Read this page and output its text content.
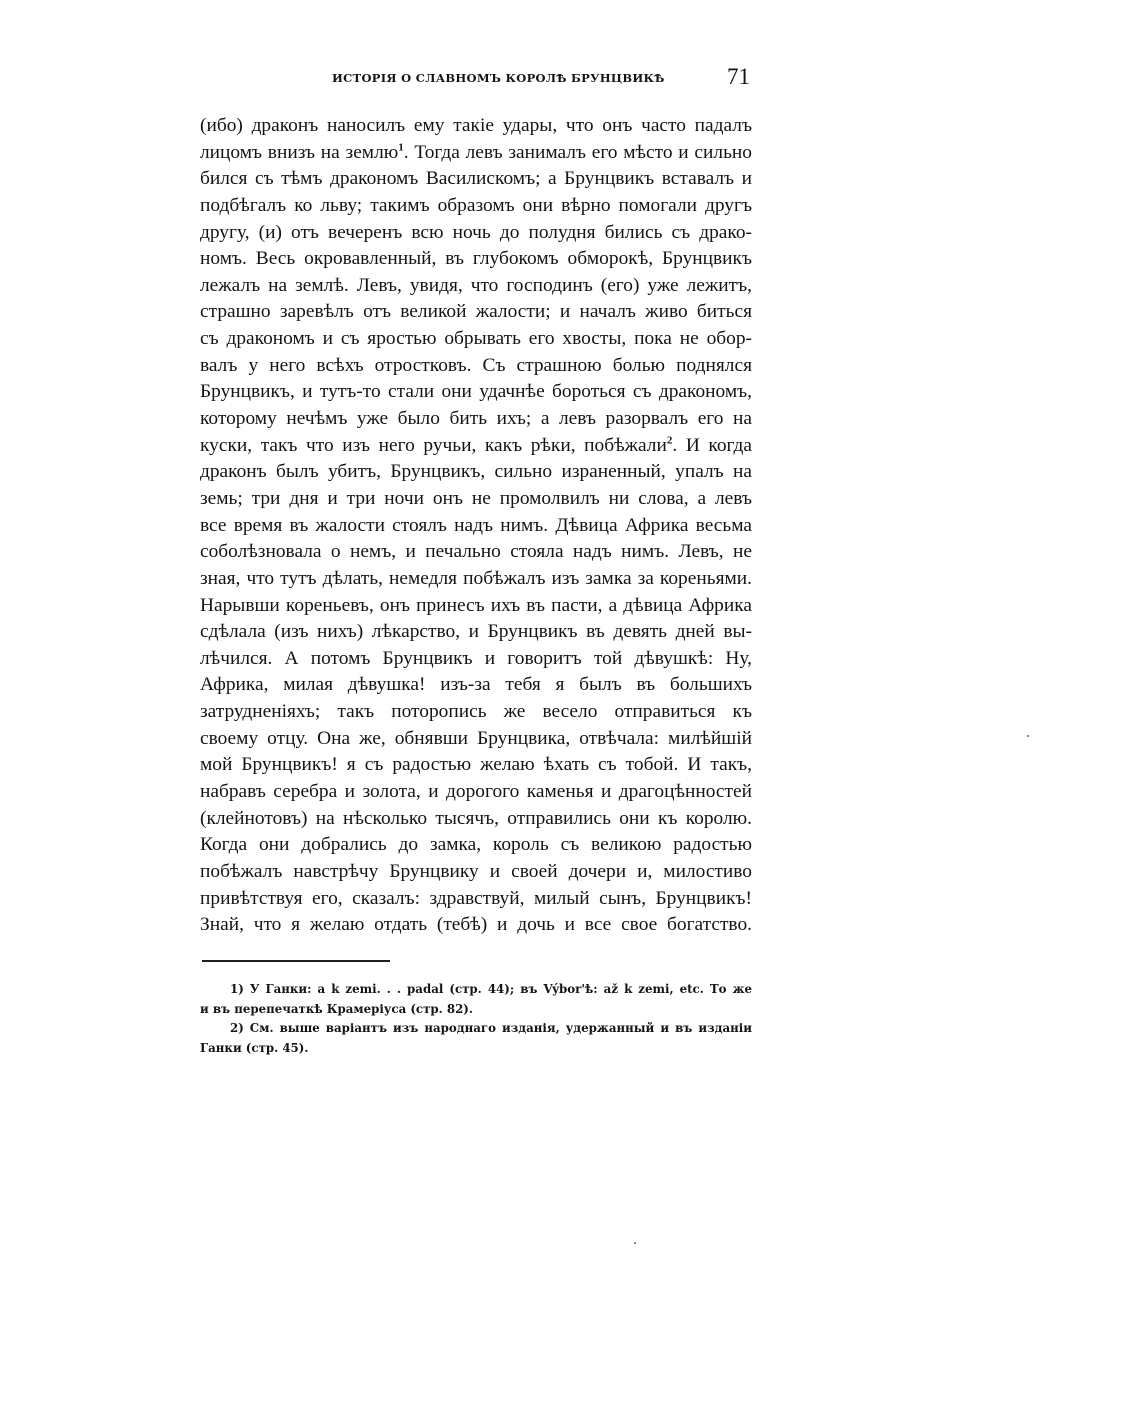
ИСТОРІЯ О СЛАВНОМЪ КОРОЛѢ БРУНЦВИКѢ	71
(ибо) драконъ наносилъ ему такіе удары, что онъ часто падалъ
лицомъ внизъ на землю$^1$. Тогда левъ занималъ его мѣсто и сильно
бился съ тѣмъ дракономъ Василискомъ; а Брунцвикъ вставалъ и
подбѣгалъ ко льву; такимъ образомъ они вѣрно помогали другъ
другу, (и) отъ вечеренъ всю ночь до полудня бились съ драко-
номъ. Весь окровавленный, въ глубокомъ обморокѣ, Брунцвикъ
лежалъ на землѣ. Левъ, увидя, что господинъ (его) уже лежитъ,
страшно заревѣлъ отъ великой жалости; и началъ живо биться
съ дракономъ и съ яростью обрывать его хвосты, пока не обор-
валъ у него всѣхъ отростковъ. Съ страшною болью поднялся
Брунцвикъ, и тутъ-то стали они удачнѣе бороться съ дракономъ,
которому нечѣмъ уже было бить ихъ; а левъ разорвалъ его на
куски, такъ что изъ него ручьи, какъ рѣки, побѣжали$^2$. И когда
драконъ былъ убитъ, Брунцвикъ, сильно израненный, упалъ на
земь; три дня и три ночи онъ не промолвилъ ни слова, а левъ
все время въ жалости стоялъ надъ нимъ. Дѣвица Африка весьма
соболѣзновала о немъ, и печально стояла надъ нимъ. Левъ, не
зная, что тутъ дѣлать, немедля побѣжалъ изъ замка за кореньями.
Нарывши кореньевъ, онъ принесъ ихъ въ пасти, а дѣвица Африка
сдѣлала (изъ нихъ) лѣкарство, и Брунцвикъ въ девять дней вы-
лѣчился. А потомъ Брунцвикъ и говоритъ той дѣвушкѣ: Ну,
Африка, милая дѣвушка! изъ-за тебя я былъ въ большихъ
затрудненіяхъ; такъ поторопись же весело отправиться къ
своему отцу. Она же, обнявши Брунцвика, отвѣчала: милѣйшій
мой Брунцвикъ! я съ радостью желаю ѣхать съ тобой. И такъ,
набравъ серебра и золота, и дорогого каменья и драгоцѣнностей
(клейнотовъ) на нѣсколько тысячъ, отправились они къ королю.
Когда они добрались до замка, король съ великою радостью
побѣжалъ навстрѣчу Брунцвику и своей дочери и, милостиво
привѣтствуя его, сказалъ: здравствуй, милый сынъ, Брунцвикъ!
Знай, что я желаю отдать (тебѣ) и дочь и все свое богатство.
1) У Ганки: a k zemi. . . padal (стр. 44); въ Výbor'ѣ: až k zemi, etc. То же
и въ перепечаткѣ Крамеріуса (стр. 82).
2) См. выше варіантъ изъ народнаго изданія, удержанный и въ изданіи
Ганки (стр. 45).
